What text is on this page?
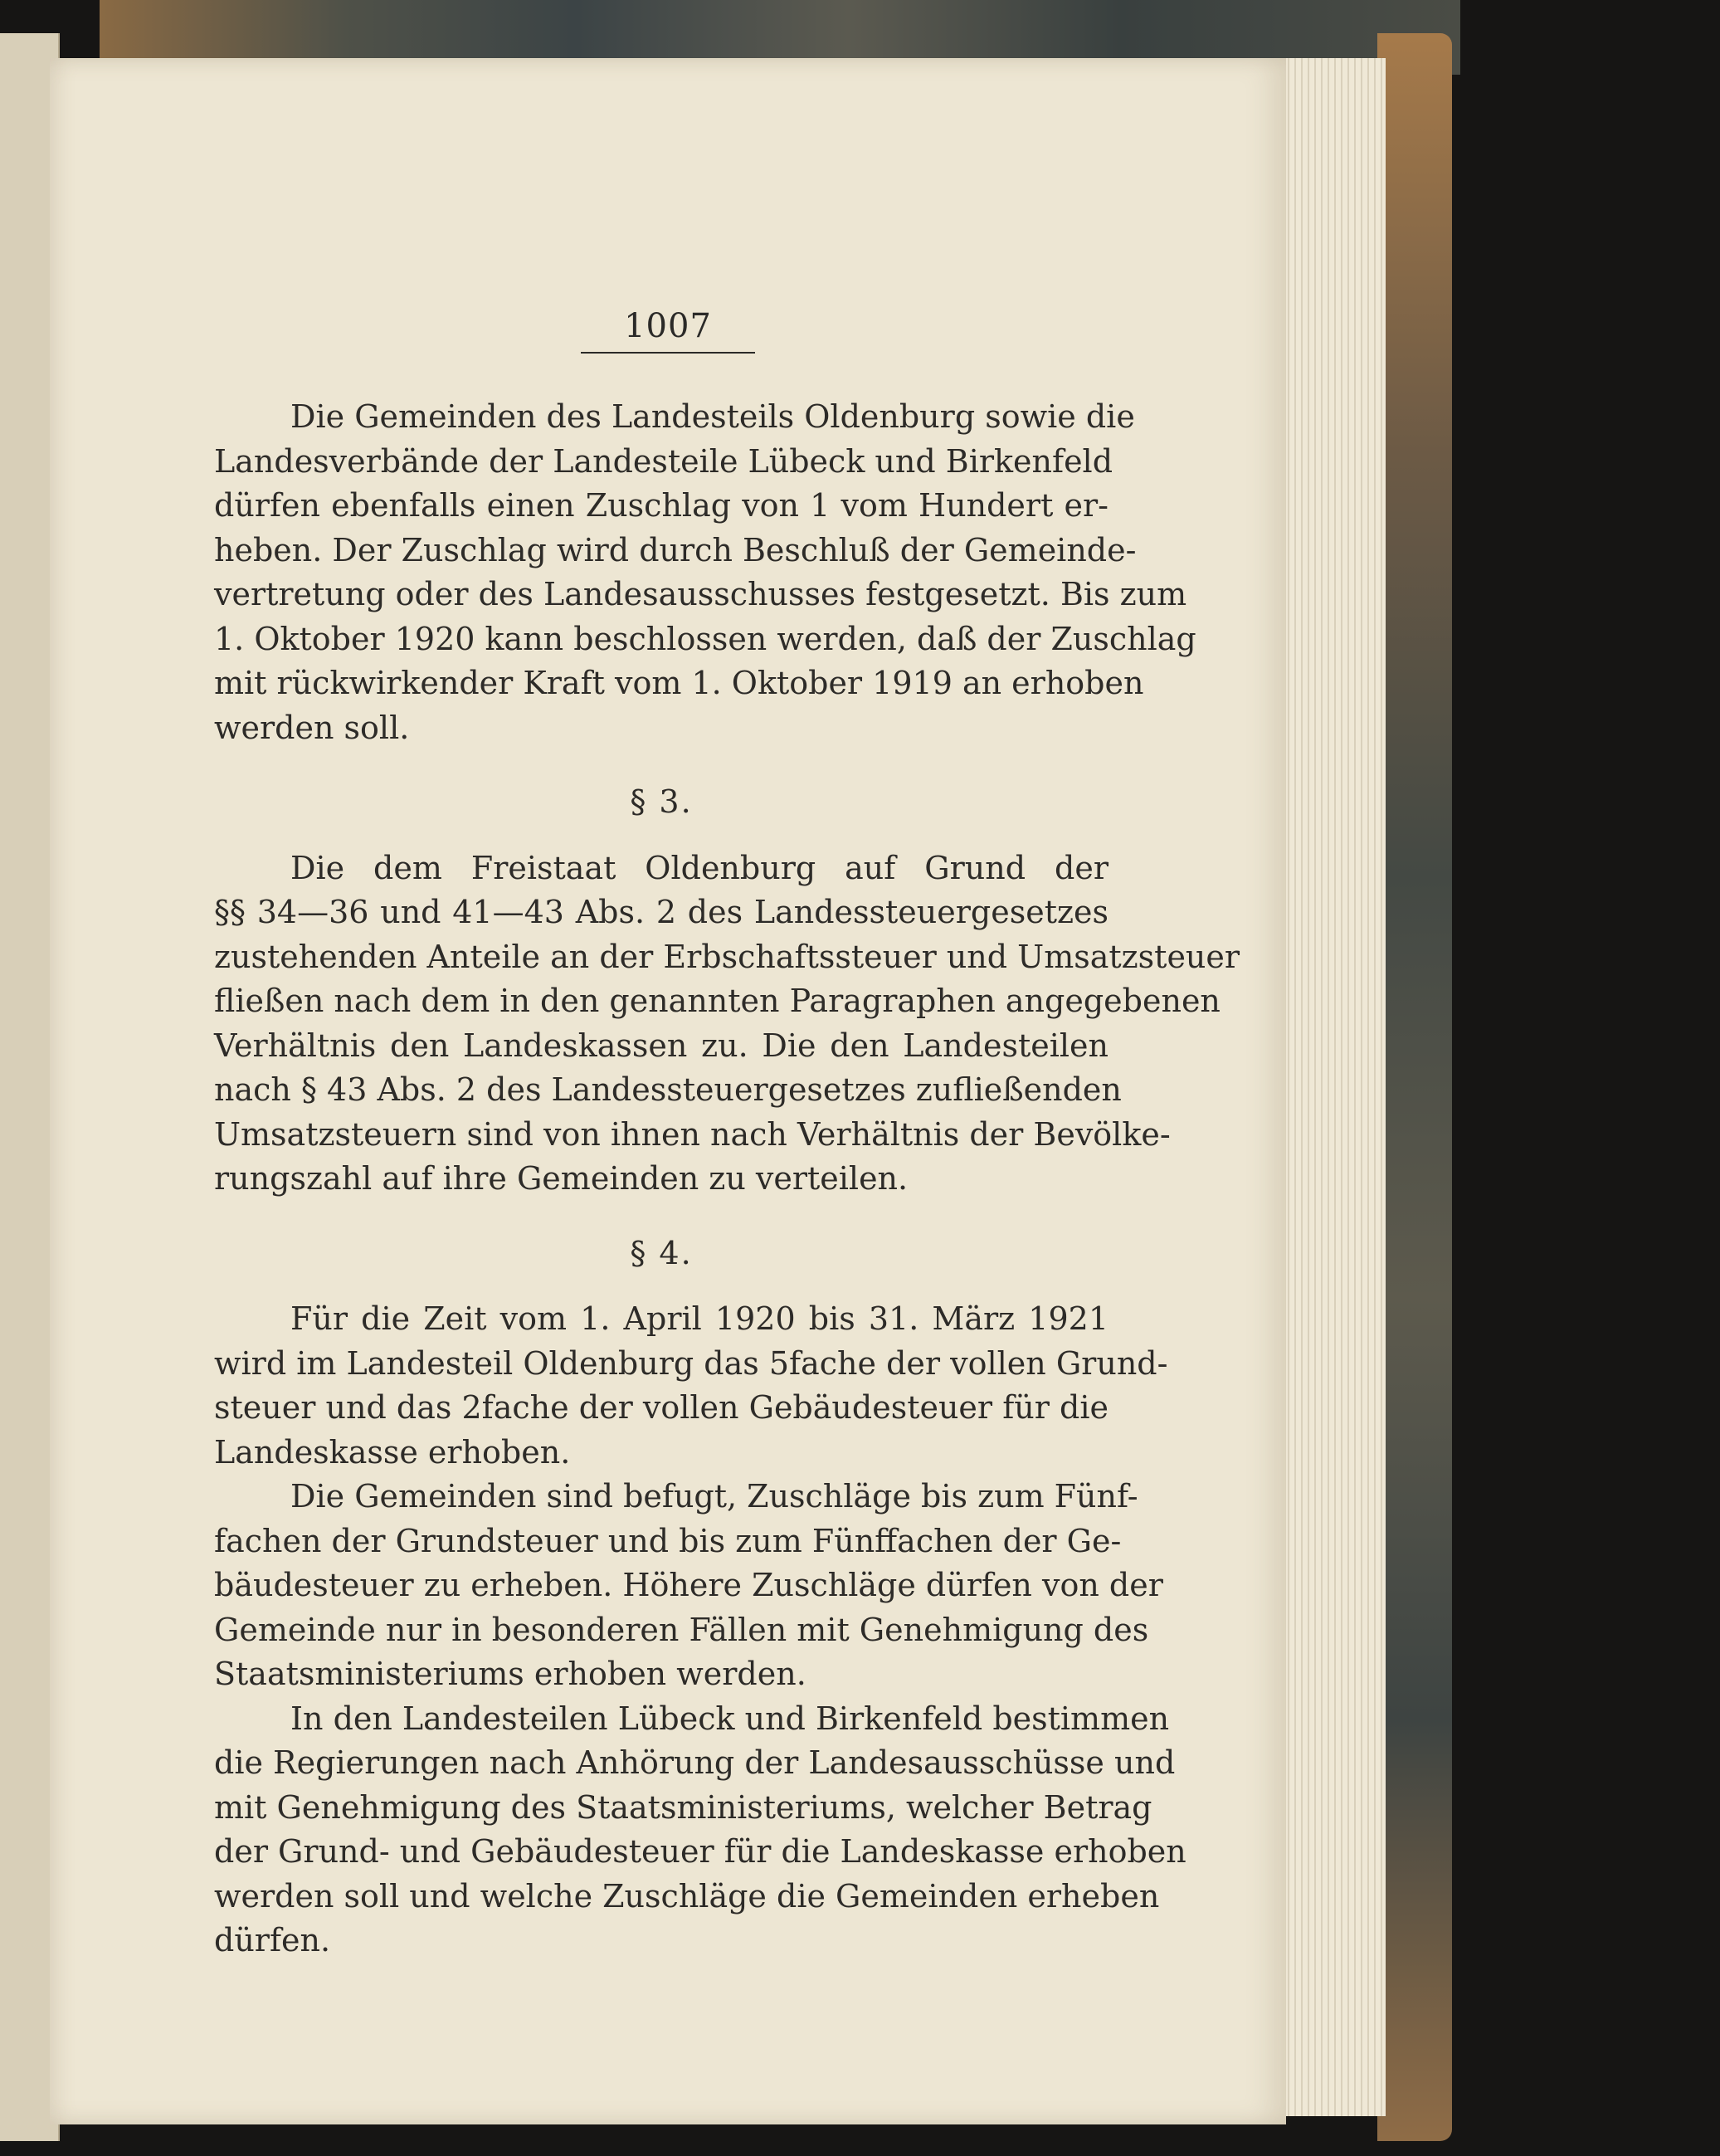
1007
Die Gemeinden des Landesteils Oldenburg sowie die
Landesverbände der Landesteile Lübeck und Birkenfeld
dürfen ebenfalls einen Zuschlag von 1 vom Hundert er-
heben. Der Zuschlag wird durch Beschluß der Gemeinde-
vertretung oder des Landesausschusses festgesetzt. Bis zum
1. Oktober 1920 kann beschlossen werden, daß der Zuschlag
mit rückwirkender Kraft vom 1. Oktober 1919 an erhoben
werden soll.
§ 3.
Die dem Freistaat Oldenburg auf Grund der
§§ 34—36 und 41—43 Abs. 2 des Landessteuergesetzes
zustehenden Anteile an der Erbschaftssteuer und Umsatzsteuer
fließen nach dem in den genannten Paragraphen angegebenen
Verhältnis den Landeskassen zu. Die den Landesteilen
nach § 43 Abs. 2 des Landessteuergesetzes zufließenden
Umsatzsteuern sind von ihnen nach Verhältnis der Bevölke-
rungszahl auf ihre Gemeinden zu verteilen.
§ 4.
Für die Zeit vom 1. April 1920 bis 31. März 1921
wird im Landesteil Oldenburg das 5fache der vollen Grund-
steuer und das 2fache der vollen Gebäudesteuer für die
Landeskasse erhoben.
Die Gemeinden sind befugt, Zuschläge bis zum Fünf-
fachen der Grundsteuer und bis zum Fünffachen der Ge-
bäudesteuer zu erheben. Höhere Zuschläge dürfen von der
Gemeinde nur in besonderen Fällen mit Genehmigung des
Staatsministeriums erhoben werden.
In den Landesteilen Lübeck und Birkenfeld bestimmen
die Regierungen nach Anhörung der Landesausschüsse und
mit Genehmigung des Staatsministeriums, welcher Betrag
der Grund- und Gebäudesteuer für die Landeskasse erhoben
werden soll und welche Zuschläge die Gemeinden erheben
dürfen.
